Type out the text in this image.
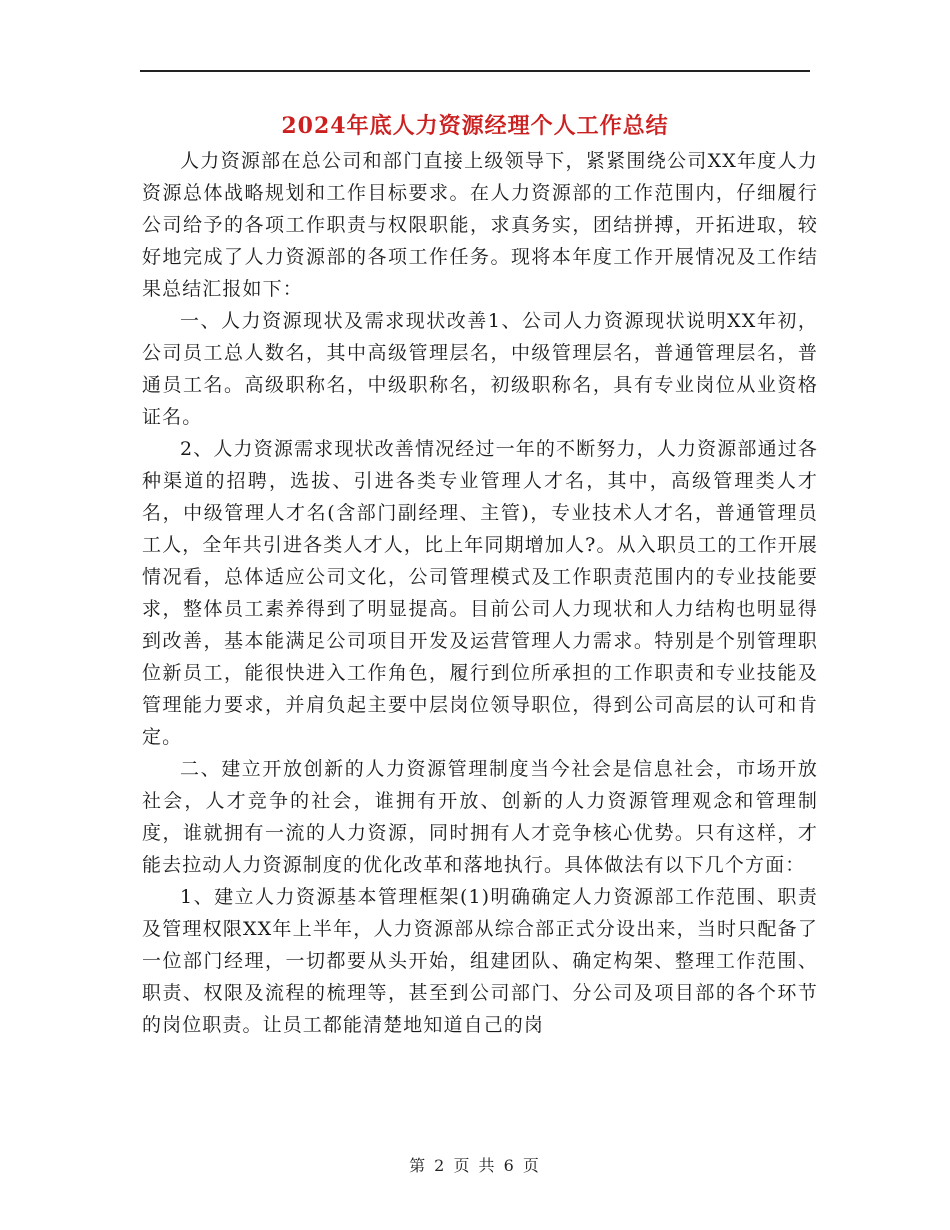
2024年底人力资源经理个人工作总结

人力资源部在总公司和部门直接上级领导下，紧紧围绕公司XX年度人力资源总体战略规划和工作目标要求。在人力资源部的工作范围内，仔细履行公司给予的各项工作职责与权限职能，求真务实，团结拼搏，开拓进取，较好地完成了人力资源部的各项工作任务。现将本年度工作开展情况及工作结果总结汇报如下：

一、人力资源现状及需求现状改善1、公司人力资源现状说明XX年初，公司员工总人数名，其中高级管理层名，中级管理层名，普通管理层名，普通员工名。高级职称名，中级职称名，初级职称名，具有专业岗位从业资格证名。

2、人力资源需求现状改善情况经过一年的不断努力，人力资源部通过各种渠道的招聘，选拔、引进各类专业管理人才名，其中，高级管理类人才名，中级管理人才名(含部门副经理、主管)，专业技术人才名，普通管理员工人，全年共引进各类人才人，比上年同期增加人?。从入职员工的工作开展情况看，总体适应公司文化，公司管理模式及工作职责范围内的专业技能要求，整体员工素养得到了明显提高。目前公司人力现状和人力结构也明显得到改善，基本能满足公司项目开发及运营管理人力需求。特别是个别管理职位新员工，能很快进入工作角色，履行到位所承担的工作职责和专业技能及管理能力要求，并肩负起主要中层岗位领导职位，得到公司高层的认可和肯定。

二、建立开放创新的人力资源管理制度当今社会是信息社会，市场开放社会，人才竞争的社会，谁拥有开放、创新的人力资源管理观念和管理制度，谁就拥有一流的人力资源，同时拥有人才竞争核心优势。只有这样，才能去拉动人力资源制度的优化改革和落地执行。具体做法有以下几个方面：

1、建立人力资源基本管理框架(1)明确确定人力资源部工作范围、职责及管理权限XX年上半年，人力资源部从综合部正式分设出来，当时只配备了一位部门经理，一切都要从头开始，组建团队、确定构架、整理工作范围、职责、权限及流程的梳理等，甚至到公司部门、分公司及项目部的各个环节的岗位职责。让员工都能清楚地知道自己的岗

第 2 页 共 6 页
